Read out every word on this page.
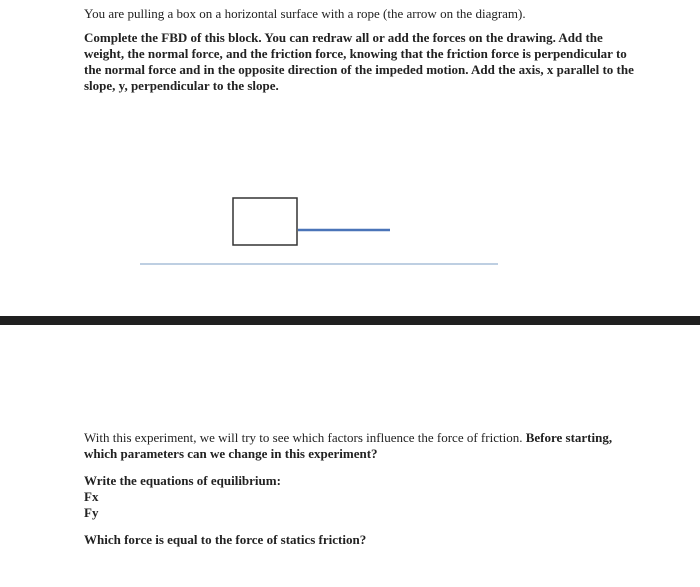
You are pulling a box on a horizontal surface with a rope (the arrow on the diagram).

Complete the FBD of this block. You can redraw all or add the forces on the drawing. Add the weight, the normal force, and the friction force, knowing that the friction force is perpendicular to the normal force and in the opposite direction of the impeded motion. Add the axis, x parallel to the slope, y, perpendicular to the slope.

With this experiment, we will try to see which factors influence the force of friction. Before starting, which parameters can we change in this experiment?

Write the equations of equilibrium:

Fx

Fy

Which force is equal to the force of statics friction?
